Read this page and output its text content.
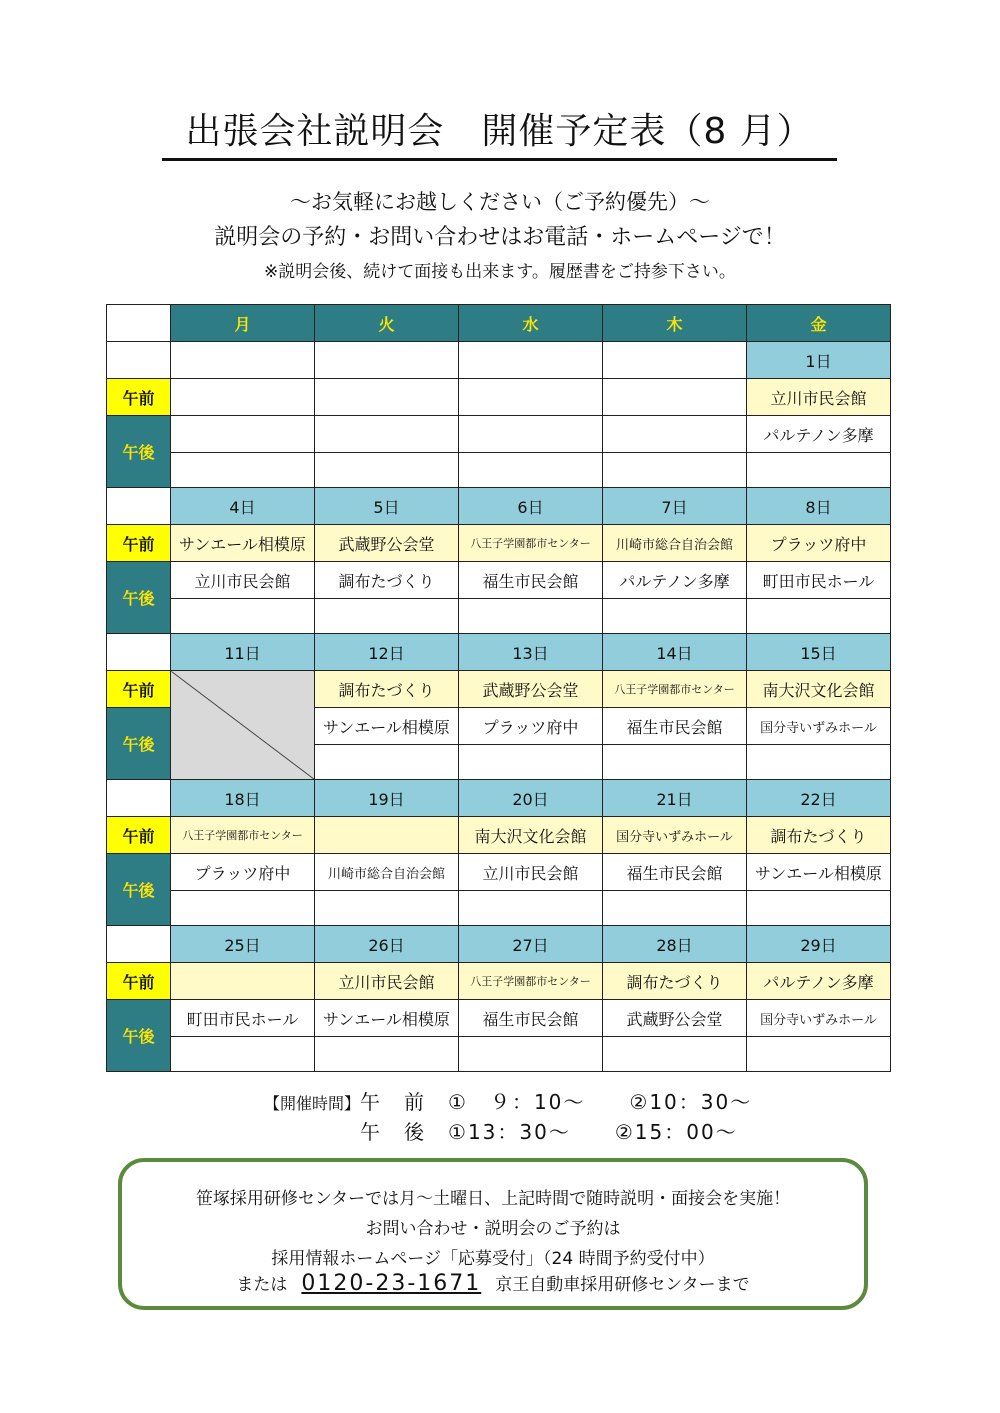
出張会社説明会　開催予定表（8 月）
～お気軽にお越しください（ご予約優先）～
説明会の予約・お問い合わせはお電話・ホームページで！
※説明会後、続けて面接も出来ます。履歴書をご持参下さい。
	月	火	水	木	金
					1日
午前					立川市民会館
午後					パルテノン多摩

	4日	5日	6日	7日	8日
午前	サンエール相模原	武蔵野公会堂	八王子学園都市センター	川崎市総合自治会館	プラッツ府中
午後	立川市民会館	調布たづくり	福生市民会館	パルテノン多摩	町田市民ホール

	11日	12日	13日	14日	15日
午前		調布たづくり	武蔵野公会堂	八王子学園都市センター	南大沢文化会館
午後		サンエール相模原	プラッツ府中	福生市民会館	国分寺いずみホール

	18日	19日	20日	21日	22日
午前	八王子学園都市センター		南大沢文化会館	国分寺いずみホール	調布たづくり
午後	プラッツ府中	川崎市総合自治会館	立川市民会館	福生市民会館	サンエール相模原

	25日	26日	27日	28日	29日
午前		立川市民会館	八王子学園都市センター	調布たづくり	パルテノン多摩
午後	町田市民ホール	サンエール相模原	福生市民会館	武蔵野公会堂	国分寺いずみホール

【開催時間】午　前　①　９：10～　　②10：30～
午　後　①13：30～　　②15：00～
笹塚採用研修センターでは月～土曜日、上記時間で随時説明・面接会を実施！
お問い合わせ・説明会のご予約は
採用情報ホームページ「応募受付」（24 時間予約受付中）
または 0120-23-1671 京王自動車採用研修センターまで
